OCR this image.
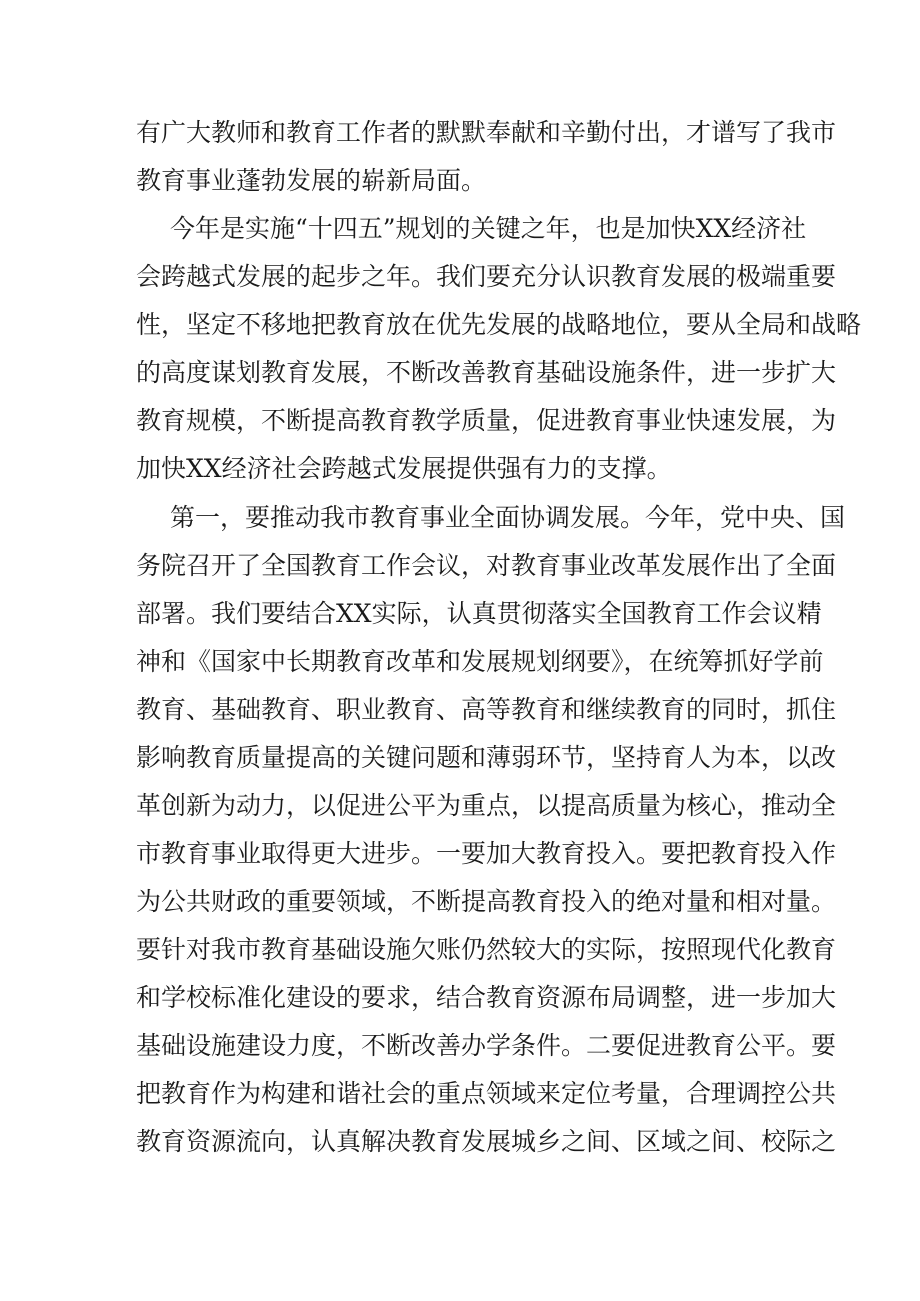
有广大教师和教育工作者的默默奉献和辛勤付出，才谱写了我市
教育事业蓬勃发展的崭新局面。
今年是实施“十四五”规划的关键之年，也是加快XX经济社
会跨越式发展的起步之年。我们要充分认识教育发展的极端重要
性，坚定不移地把教育放在优先发展的战略地位，要从全局和战略
的高度谋划教育发展，不断改善教育基础设施条件，进一步扩大
教育规模，不断提高教育教学质量，促进教育事业快速发展，为
加快XX经济社会跨越式发展提供强有力的支撑。
第一，要推动我市教育事业全面协调发展。今年，党中央、国
务院召开了全国教育工作会议，对教育事业改革发展作出了全面
部署。我们要结合XX实际，认真贯彻落实全国教育工作会议精
神和《国家中长期教育改革和发展规划纲要》，在统筹抓好学前
教育、基础教育、职业教育、高等教育和继续教育的同时，抓住
影响教育质量提高的关键问题和薄弱环节，坚持育人为本，以改
革创新为动力，以促进公平为重点，以提高质量为核心，推动全
市教育事业取得更大进步。一要加大教育投入。要把教育投入作
为公共财政的重要领域，不断提高教育投入的绝对量和相对量。
要针对我市教育基础设施欠账仍然较大的实际，按照现代化教育
和学校标准化建设的要求，结合教育资源布局调整，进一步加大
基础设施建设力度，不断改善办学条件。二要促进教育公平。要
把教育作为构建和谐社会的重点领域来定位考量，合理调控公共
教育资源流向，认真解决教育发展城乡之间、区域之间、校际之
